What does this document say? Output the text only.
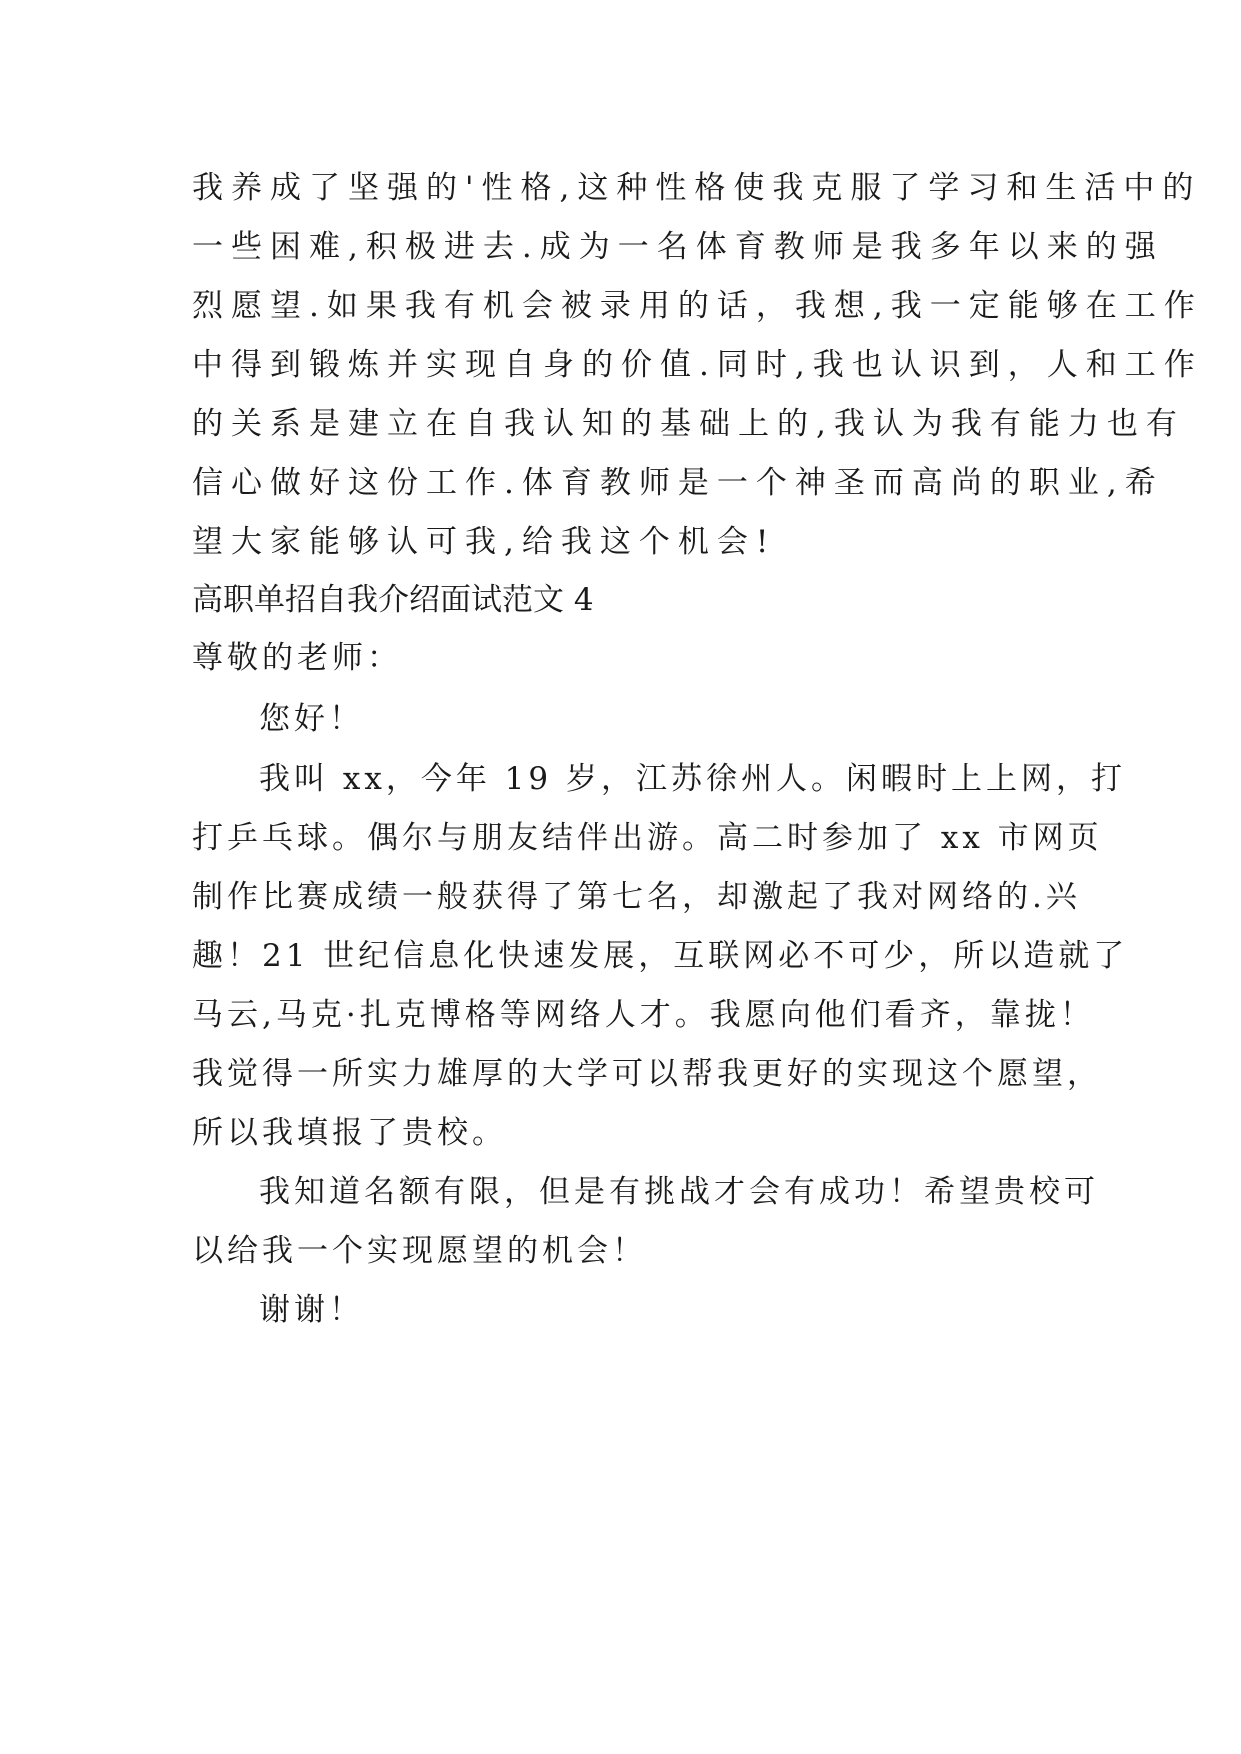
我养成了坚强的'性格,这种性格使我克服了学习和生活中的
一些困难,积极进去.成为一名体育教师是我多年以来的强
烈愿望.如果我有机会被录用的话，我想,我一定能够在工作
中得到锻炼并实现自身的价值.同时,我也认识到，人和工作
的关系是建立在自我认知的基础上的,我认为我有能力也有
信心做好这份工作.体育教师是一个神圣而高尚的职业,希
望大家能够认可我,给我这个机会!
高职单招自我介绍面试范文 4
尊敬的老师：
您好！
我叫 xx，今年 19 岁，江苏徐州人。闲暇时上上网，打
打乒乓球。偶尔与朋友结伴出游。高二时参加了 xx 市网页
制作比赛成绩一般获得了第七名，却激起了我对网络的.兴
趣！21 世纪信息化快速发展，互联网必不可少，所以造就了
马云,马克·扎克博格等网络人才。我愿向他们看齐，靠拢！
我觉得一所实力雄厚的大学可以帮我更好的实现这个愿望，
所以我填报了贵校。
我知道名额有限，但是有挑战才会有成功！希望贵校可
以给我一个实现愿望的机会！
谢谢！
